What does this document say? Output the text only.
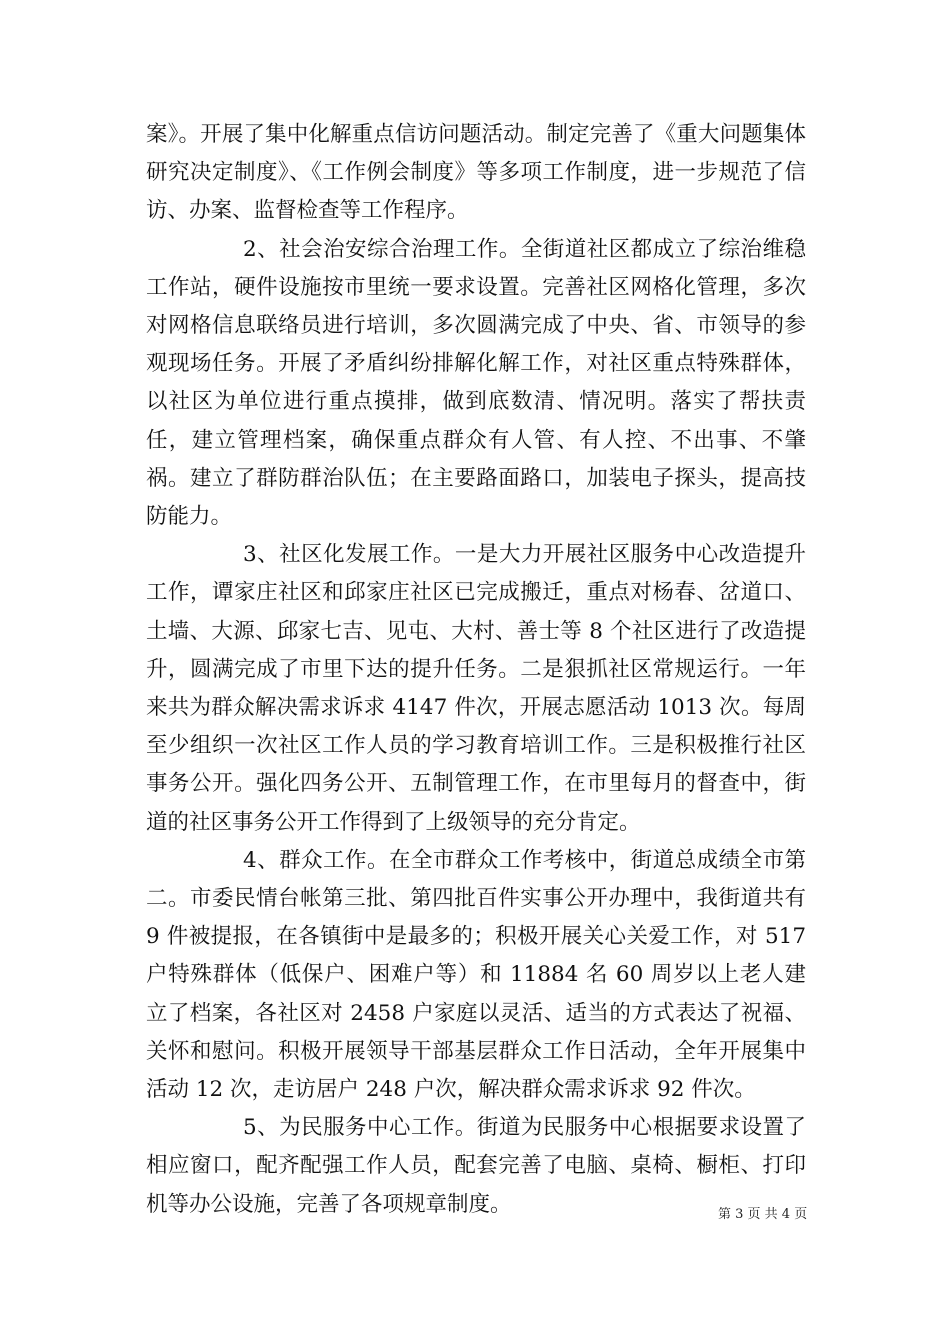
案》。开展了集中化解重点信访问题活动。制定完善了《重大问题集体研究决定制度》、《工作例会制度》等多项工作制度，进一步规范了信访、办案、监督检查等工作程序。

2、社会治安综合治理工作。全街道社区都成立了综治维稳工作站，硬件设施按市里统一要求设置。完善社区网格化管理，多次对网格信息联络员进行培训，多次圆满完成了中央、省、市领导的参观现场任务。开展了矛盾纠纷排解化解工作，对社区重点特殊群体，以社区为单位进行重点摸排，做到底数清、情况明。落实了帮扶责任，建立管理档案，确保重点群众有人管、有人控、不出事、不肇祸。建立了群防群治队伍；在主要路面路口，加装电子探头，提高技防能力。

3、社区化发展工作。一是大力开展社区服务中心改造提升工作，谭家庄社区和邱家庄社区已完成搬迁，重点对杨春、岔道口、土墙、大源、邱家七吉、见屯、大村、善士等 8 个社区进行了改造提升，圆满完成了市里下达的提升任务。二是狠抓社区常规运行。一年来共为群众解决需求诉求 4147 件次，开展志愿活动 1013 次。每周至少组织一次社区工作人员的学习教育培训工作。三是积极推行社区事务公开。强化四务公开、五制管理工作，在市里每月的督查中，街道的社区事务公开工作得到了上级领导的充分肯定。

4、群众工作。在全市群众工作考核中，街道总成绩全市第二。市委民情台帐第三批、第四批百件实事公开办理中，我街道共有 9 件被提报，在各镇街中是最多的；积极开展关心关爱工作，对 517 户特殊群体（低保户、困难户等）和 11884 名 60 周岁以上老人建立了档案，各社区对 2458 户家庭以灵活、适当的方式表达了祝福、关怀和慰问。积极开展领导干部基层群众工作日活动，全年开展集中活动 12 次，走访居户 248 户次，解决群众需求诉求 92 件次。

5、为民服务中心工作。街道为民服务中心根据要求设置了相应窗口，配齐配强工作人员，配套完善了电脑、桌椅、橱柜、打印机等办公设施，完善了各项规章制度。	第 3 页 共 4 页
